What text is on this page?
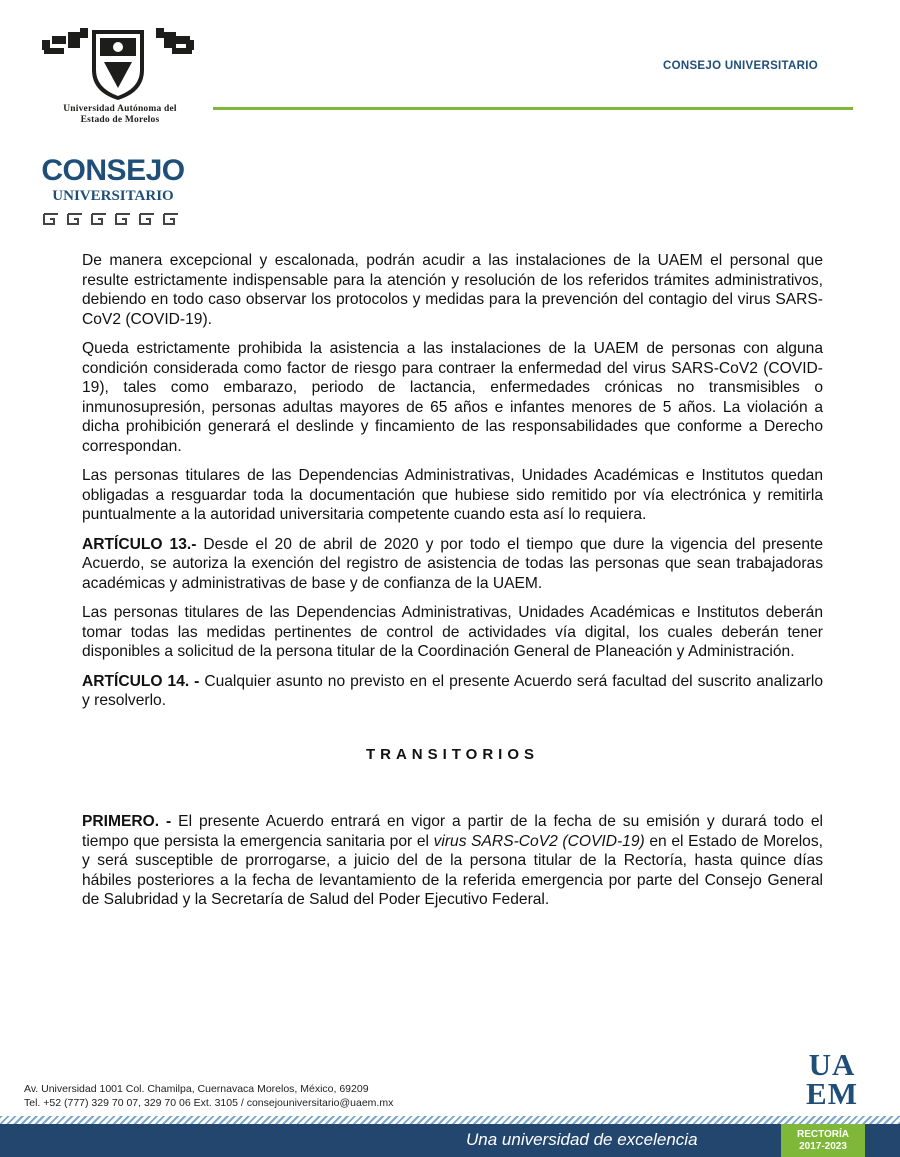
Universidad Autónoma del
Estado de Morelos
CONSEJO UNIVERSITARIO
CONSEJO
UNIVERSITARIO

De manera excepcional y escalonada, podrán acudir a las instalaciones de la UAEM el personal que resulte estrictamente indispensable para la atención y resolución de los referidos trámites administrativos, debiendo en todo caso observar los protocolos y medidas para la prevención del contagio del virus SARS-CoV2 (COVID-19).

Queda estrictamente prohibida la asistencia a las instalaciones de la UAEM de personas con alguna condición considerada como factor de riesgo para contraer la enfermedad del virus SARS-CoV2 (COVID-19), tales como embarazo, periodo de lactancia, enfermedades crónicas no transmisibles o inmunosupresión, personas adultas mayores de 65 años e infantes menores de 5 años. La violación a dicha prohibición generará el deslinde y fincamiento de las responsabilidades que conforme a Derecho correspondan.

Las personas titulares de las Dependencias Administrativas, Unidades Académicas e Institutos quedan obligadas a resguardar toda la documentación que hubiese sido remitido por vía electrónica y remitirla puntualmente a la autoridad universitaria competente cuando esta así lo requiera.

ARTÍCULO 13.- Desde el 20 de abril de 2020 y por todo el tiempo que dure la vigencia del presente Acuerdo, se autoriza la exención del registro de asistencia de todas las personas que sean trabajadoras académicas y administrativas de base y de confianza de la UAEM.

Las personas titulares de las Dependencias Administrativas, Unidades Académicas e Institutos deberán tomar todas las medidas pertinentes de control de actividades vía digital, los cuales deberán tener disponibles a solicitud de la persona titular de la Coordinación General de Planeación y Administración.

ARTÍCULO 14. - Cualquier asunto no previsto en el presente Acuerdo será facultad del suscrito analizarlo y resolverlo.

TRANSITORIOS

PRIMERO. - El presente Acuerdo entrará en vigor a partir de la fecha de su emisión y durará todo el tiempo que persista la emergencia sanitaria por el virus SARS-CoV2 (COVID-19) en el Estado de Morelos, y será susceptible de prorrogarse, a juicio del de la persona titular de la Rectoría, hasta quince días hábiles posteriores a la fecha de levantamiento de la referida emergencia por parte del Consejo General de Salubridad y la Secretaría de Salud del Poder Ejecutivo Federal.

Av. Universidad 1001 Col. Chamilpa, Cuernavaca Morelos, México, 69209
Tel. +52 (777) 329 70 07, 329 70 06 Ext. 3105 / consejouniversitario@uaem.mx
UA
EM
Una universidad de excelencia	RECTORÍA
2017-2023
